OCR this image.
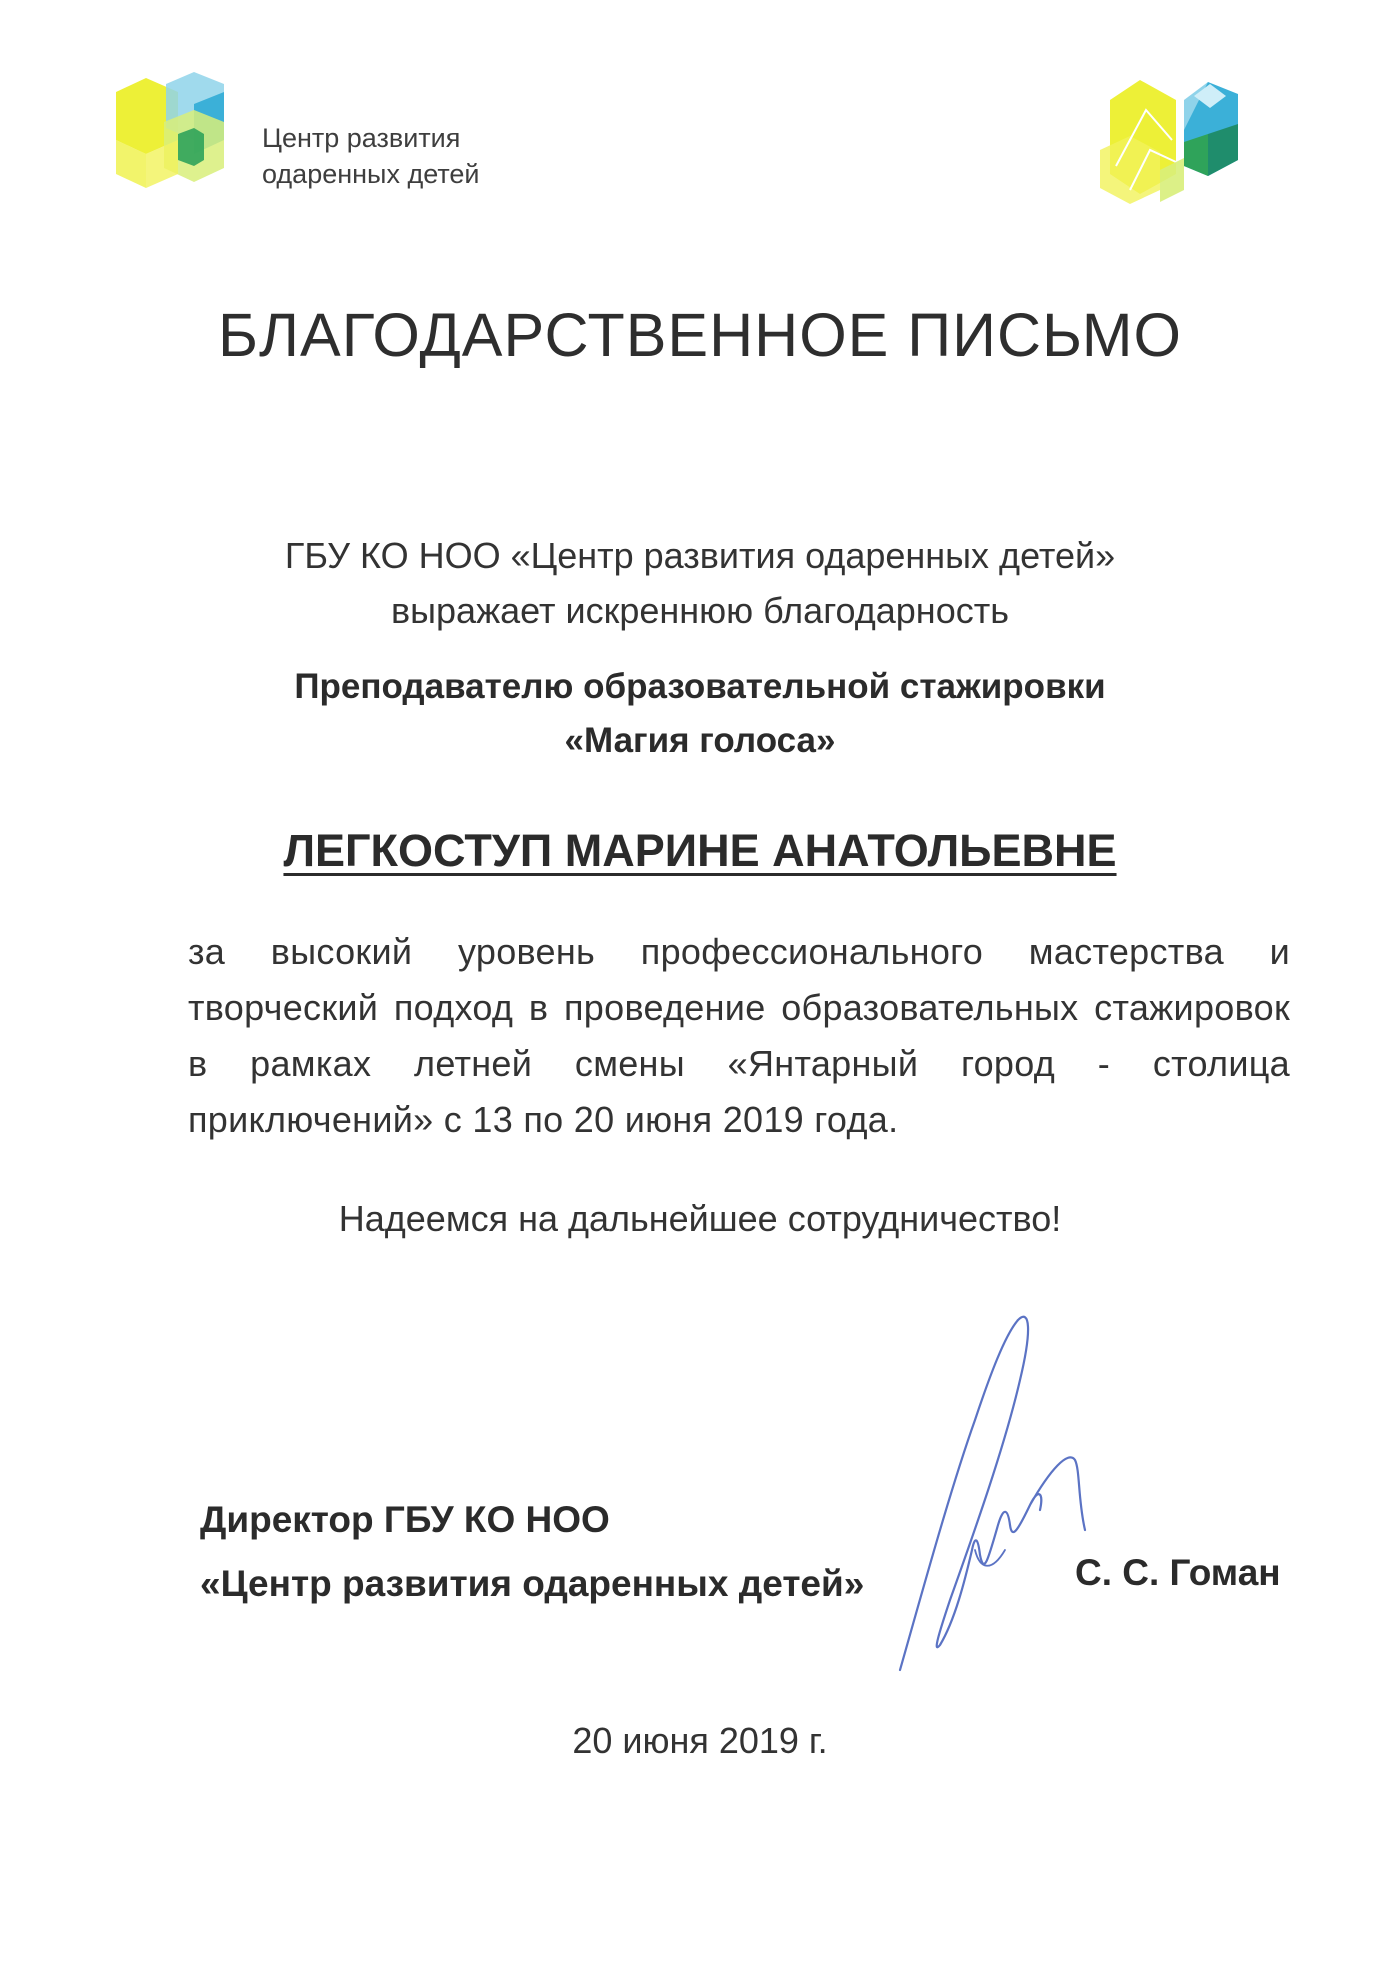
Центр развития
одаренных детей
БЛАГОДАРСТВЕННОЕ ПИСЬМО
ГБУ КО НОО «Центр развития одаренных детей»
выражает искреннюю благодарность
Преподавателю образовательной стажировки
«Магия голоса»
ЛЕГКОСТУП МАРИНЕ АНАТОЛЬЕВНЕ
за высокий уровень профессионального мастерства и творческий подход в проведение образовательных стажировок в рамках летней смены «Янтарный город - столица приключений» с 13 по 20 июня 2019 года.
Надеемся на дальнейшее сотрудничество!
Директор ГБУ КО НОО
«Центр развития одаренных детей»	С. С. Гоман
20 июня 2019 г.
